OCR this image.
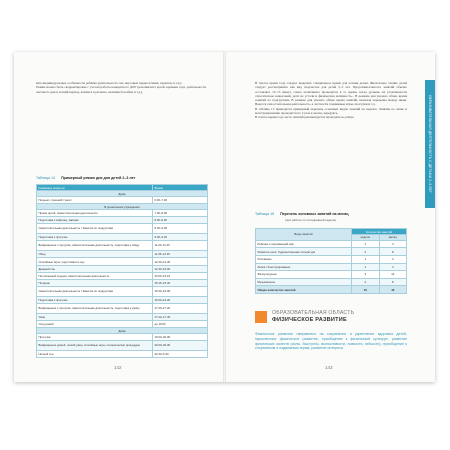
вать индивидуальные особенности ребёнка (длительность сна, вкусовые предпочтения, характер и т.д.).
Режим можно быть скорректирован с учетом работы конкретного ДОУ (контингента детей, времени года, длительности светового дня в летний период, климата в регионе, наличия бассейна и т.д.).
Таблица 14 Примерный режим дня для детей 2–3 лет
Режимные моменты	Время
Дома	
Подъем, утренний туалет	6.30–7.30
В дошкольном учреждении	
Прием детей, самостоятельная деятельность	7.00–8.00
Подготовка к завтраку, завтрак	8.00–8.30
Самостоятельная деятельность / Занятия по подгруппам	8.20–9.00
Подготовка к прогулке	9.00–9.30
Возвращение с прогулки, самостоятельная деятельность, подготовка к обеду	11.20–11.40
Обед	11.45–12.20
Спокойные игры, подготовка ко сну	12.20–12.30
Дневной сон	12.30–15.00
Постепенный подъем, самостоятельная деятельность	15.00–15.15
Полдник	15.15–15.30
Самостоятельная деятельность / Занятия по подгруппам	15.30–16.00
Подготовка к прогулке	16.00–16.20
Возвращение с прогулки, самостоятельная деятельность, подготовка к ужину	17.00–17.20
Ужин	17.20–17.45
Уход домой	до 19.00
Дома	
Прогулка	19.00–20.00
Возвращение домой, легкий ужин, спокойные игры, гигиенические процедуры	20.00–20.30
Ночной сон	20.30–6.30
142
В теплое время года следует выделять специальное время для чтения детям. Желательно чтение детей следует рассматривать как вид творчества для детей 2–3 лет. Продолжительность занятий обычно составляет 10–15 минут, самое позитивное проводится в то время, когда уровень их утомляемости относительно невысокий, дети не устали и физическая активность... В режиме дня указано общее время занятий по подгруппам. В режиме дня указано общее время занятий, включая перерывы между ними. Ведется самостоятельная деятельность, в частности подвижные игры, прогулки и т.д.
В таблице 15 приводится примерный перечень основных видов занятий на неделю. Занятия по лепке и конструированию проводятся по 2 раза в месяц, чередуясь.
В теплое время года часть занятий рекомендуется проводить на улице.	ОБРАЗОВАТЕЛЬНАЯ ДЕЯТЕЛЬНОСТЬ С ДЕТЬМИ 2–3 ЛЕТ
Таблица 15 Перечень основных занятий на месяц
(при работе по пятидневной неделе)
Виды занятий	Количество занятий	
	неделя	месяц
Ребенок и окружающий мир	1	4
Развитие речи. Художественная литература	2	8
Рисование	1	4
Лепка / Конструирование	1	4
Физкультурное	3	12
Музыкальное	2	8
Общее количество занятий	10	40
ОБРАЗОВАТЕЛЬНАЯ ОБЛАСТЬ
ФИЗИЧЕСКОЕ РАЗВИТИЕ
Физическое развитие направлено на сохранение и укрепление здоровья детей, гармоничное физическое развитие, приобщение к физической культуре, развитие физических качеств (силы, быстроты, выносливости, ловкости, гибкости), приобщение к спортивным и подвижным играм, развитие интереса
143
